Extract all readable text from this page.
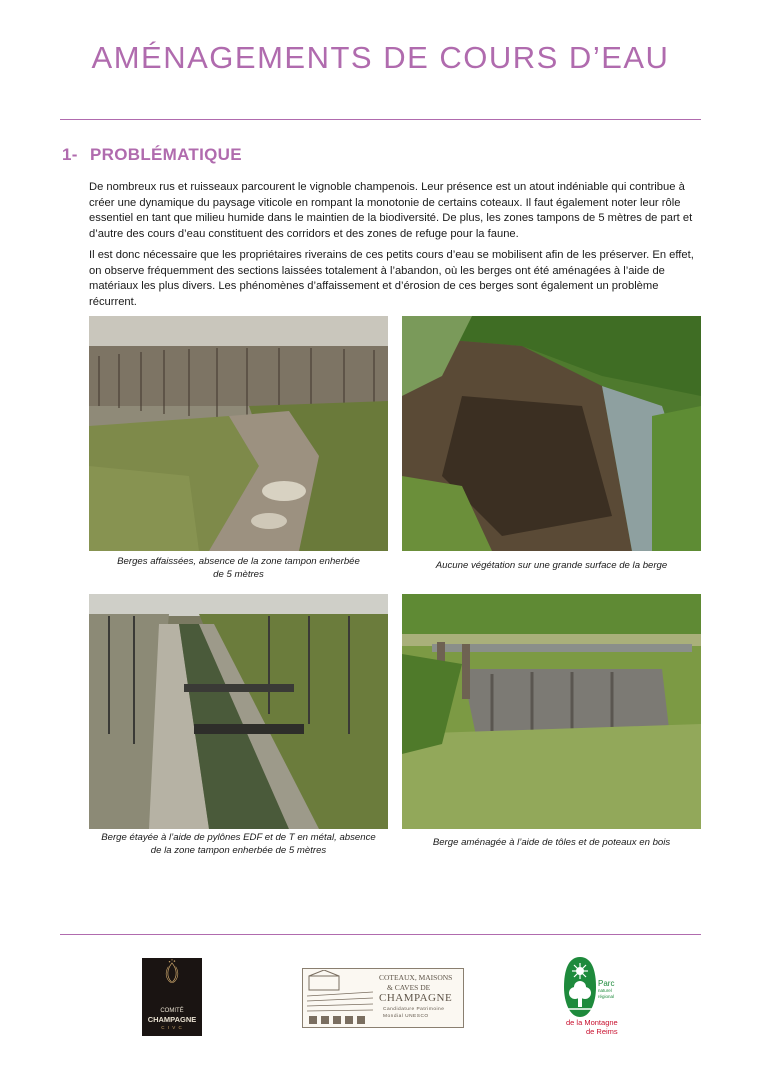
AMÉNAGEMENTS DE COURS D’EAU
1- PROBLÉMATIQUE
De nombreux rus et ruisseaux parcourent le vignoble champenois. Leur présence est un atout indéniable qui contribue à créer une dynamique du paysage viticole en rompant la monotonie de certains coteaux. Il faut également noter leur rôle essentiel en tant que milieu humide dans le maintien de la biodiversité. De plus, les zones tampons de 5 mètres de part et d’autre des cours d’eau constituent des corridors et des zones de refuge pour la faune.
Il est donc nécessaire que les propriétaires riverains de ces petits cours d’eau se mobilisent afin de les préserver. En effet, on observe fréquemment des sections laissées totalement à l’abandon, où les berges ont été aménagées à l’aide de matériaux les plus divers. Les phénomènes d’affaissement et d’érosion de ces berges sont également un problème récurrent.
Berges affaissées, absence de la zone tampon enherbée
de 5 mètres
Aucune végétation sur une grande surface de la berge
Berge étayée à l’aide de pylônes EDF et de T en métal, absence
de la zone tampon enherbée de 5 mètres
Berge aménagée à l’aide de tôles et de poteaux en bois
COMITÉ
CHAMPAGNE
C I V C
COTEAUX, MAISONS
& CAVES DE
CHAMPAGNE
Candidature Patrimoine
Mondial UNESCO
Parc
naturel
régional
de la Montagne
de Reims
